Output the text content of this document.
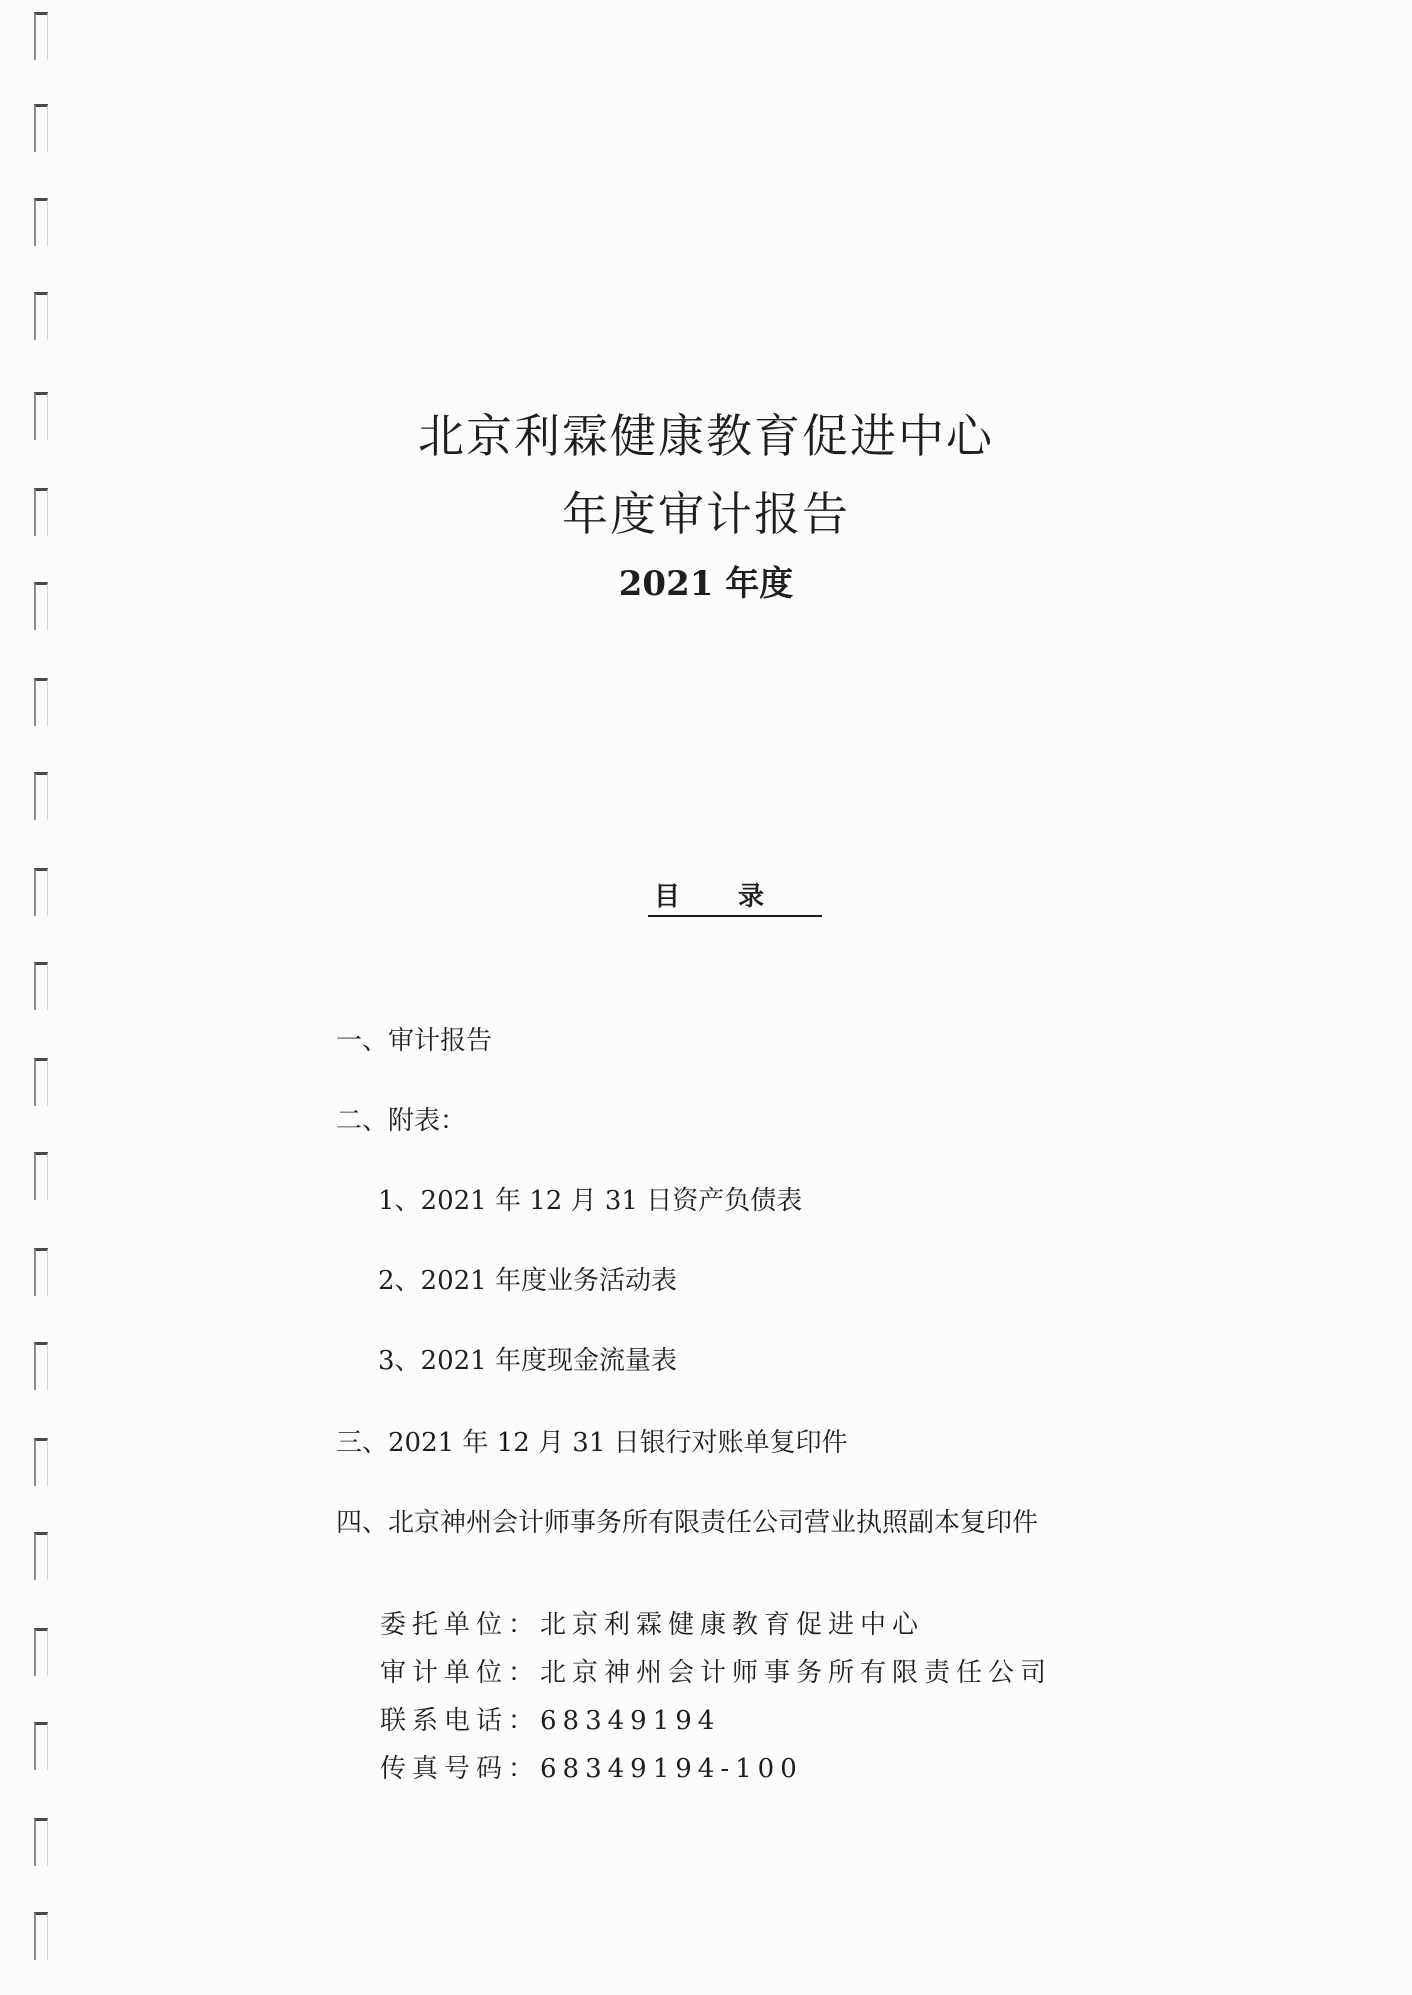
北京利霖健康教育促进中心
年度审计报告
2021 年度
目录
一、审计报告
二、附表：
1、2021 年 12 月 31 日资产负债表
2、2021 年度业务活动表
3、2021 年度现金流量表
三、2021 年 12 月 31 日银行对账单复印件
四、北京神州会计师事务所有限责任公司营业执照副本复印件
委托单位：北京利霖健康教育促进中心
审计单位：北京神州会计师事务所有限责任公司
联系电话：68349194
传真号码：68349194-100
